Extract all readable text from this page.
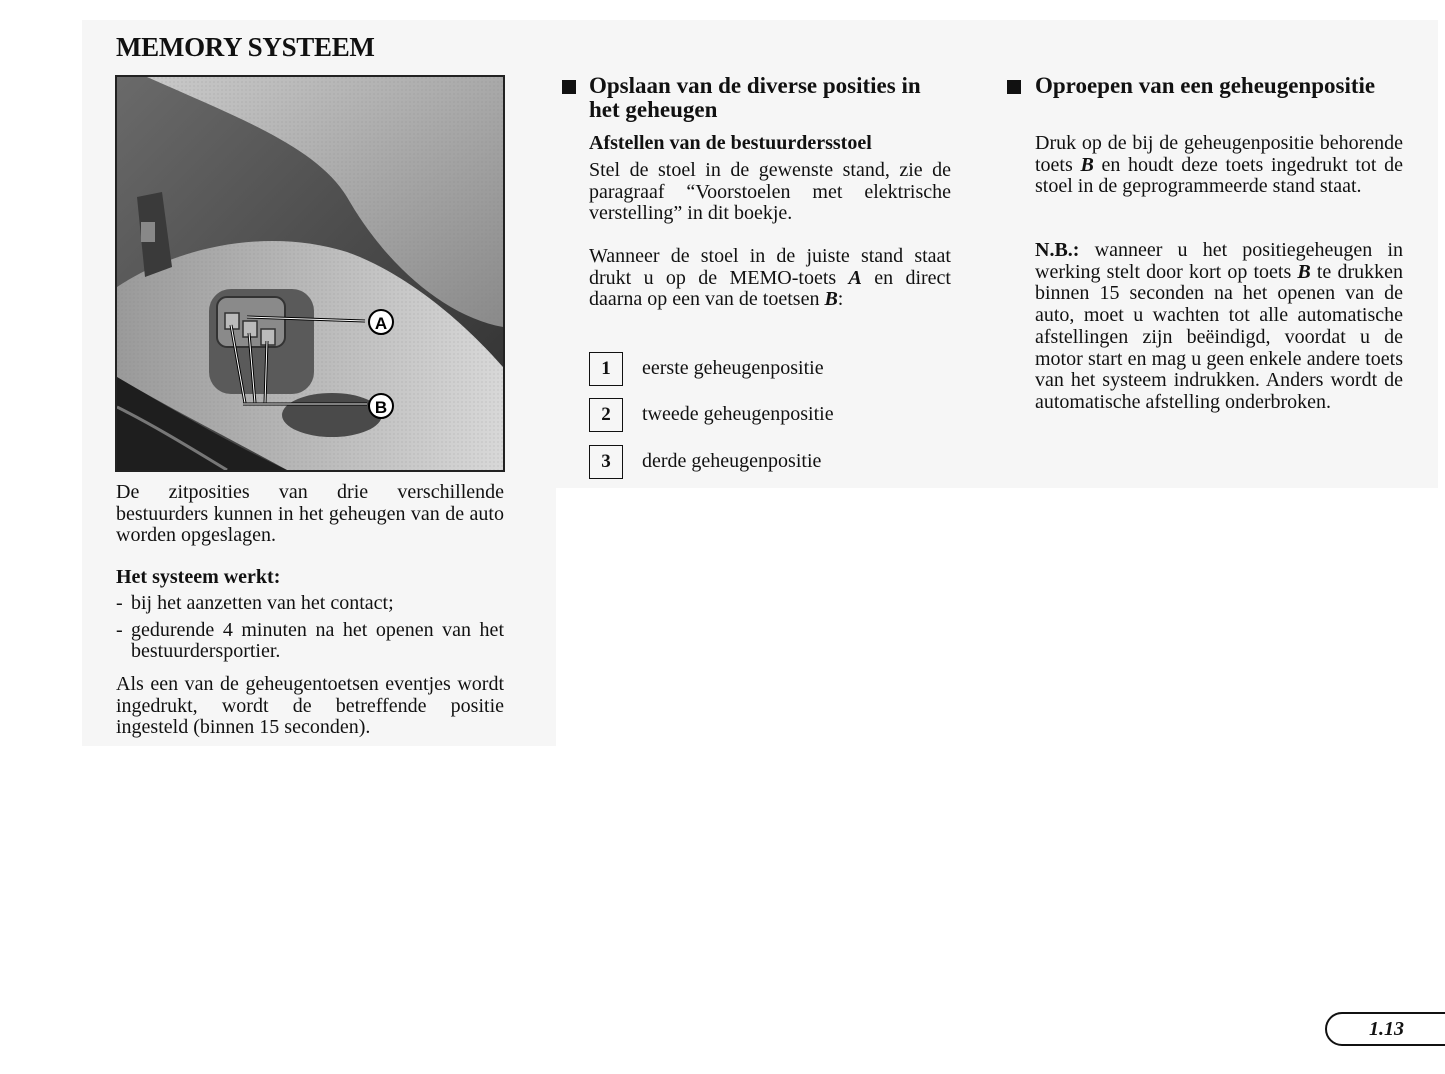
MEMORY SYSTEEM
A
B
De zitposities van drie verschillende bestuurders kunnen in het geheugen van de auto worden opgeslagen.
Het systeem werkt:
- bij het aanzetten van het contact;
- gedurende 4 minuten na het openen van het bestuurdersportier.
Als een van de geheugentoetsen eventjes wordt ingedrukt, wordt de betreffende positie ingesteld (binnen 15 seconden).
Opslaan van de diverse posities in het geheugen
Afstellen van de bestuurdersstoel
Stel de stoel in de gewenste stand, zie de paragraaf “Voorstoelen met elektrische verstelling” in dit boekje.
Wanneer de stoel in de juiste stand staat drukt u op de MEMO-toets A en direct daarna op een van de toetsen B:
1	eerste geheugenpositie
2	tweede geheugenpositie
3	derde geheugenpositie
Oproepen van een geheugenpositie
Druk op de bij de geheugenpositie behorende toets B en houdt deze toets ingedrukt tot de stoel in de geprogrammeerde stand staat.
N.B.: wanneer u het positiegeheugen in werking stelt door kort op toets B te drukken binnen 15 seconden na het openen van de auto, moet u wachten tot alle automatische afstellingen zijn beëindigd, voordat u de motor start en mag u geen enkele andere toets van het systeem indrukken. Anders wordt de automatische afstelling onderbroken.
1.13
